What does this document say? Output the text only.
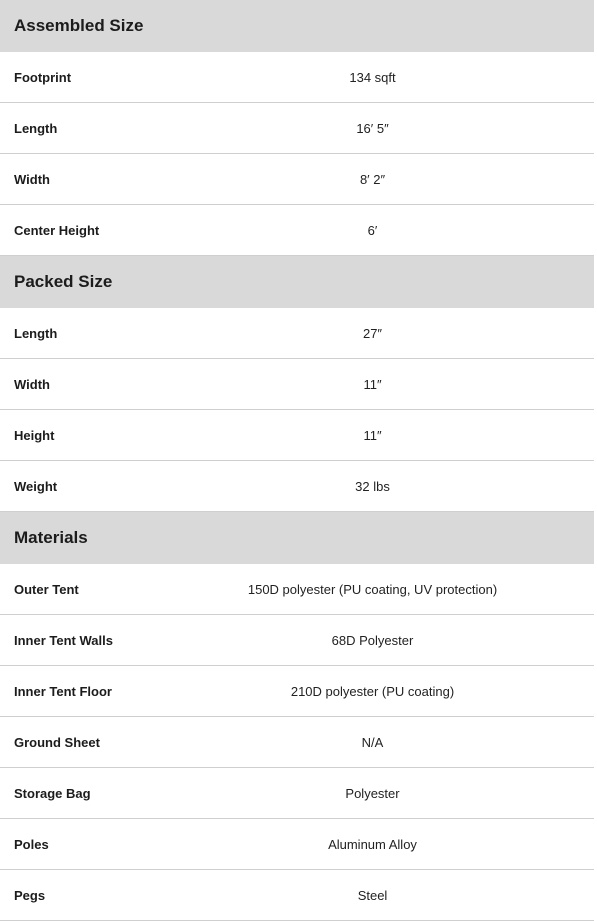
Assembled Size	
Footprint	134 sqft
Length	16′ 5″
Width	8′ 2″
Center Height	6′
Packed Size	
Length	27″
Width	11″
Height	11″
Weight	32 lbs
Materials	
Outer Tent	150D polyester (PU coating, UV protection)
Inner Tent Walls	68D Polyester
Inner Tent Floor	210D polyester (PU coating)
Ground Sheet	N/A
Storage Bag	Polyester
Poles	Aluminum Alloy
Pegs	Steel
